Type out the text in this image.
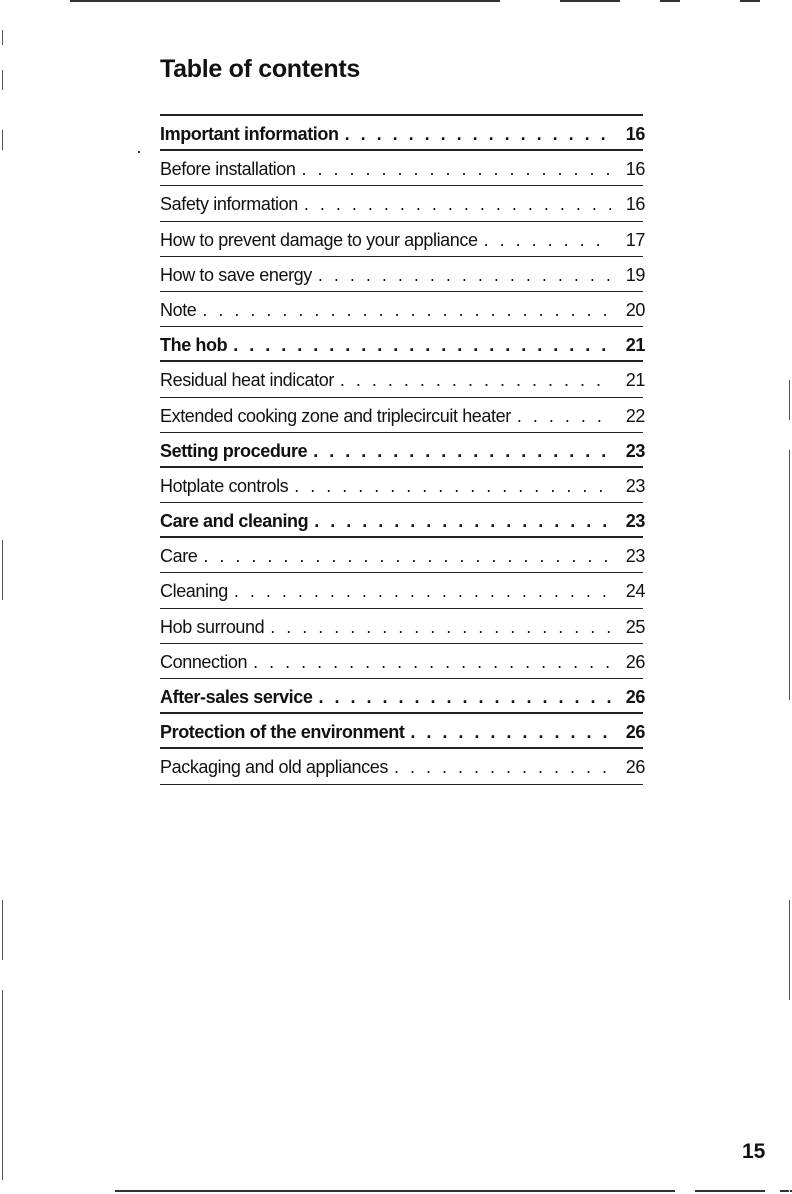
Table of contents
Important information . . .	16
Before installation . . .	16
Safety information . . .	16
How to prevent damage to your appliance . . .	17
How to save energy . . .	19
Note . . .	20
The hob . . .	21
Residual heat indicator . . .	21
Extended cooking zone and triplecircuit heater . . .	22
Setting procedure . . .	23
Hotplate controls . . .	23
Care and cleaning . . .	23
Care . . .	23
Cleaning . . .	24
Hob surround . . .	25
Connection . . .	26
After-sales service . . .	26
Protection of the environment . . .	26
Packaging and old appliances . . .	26
15
